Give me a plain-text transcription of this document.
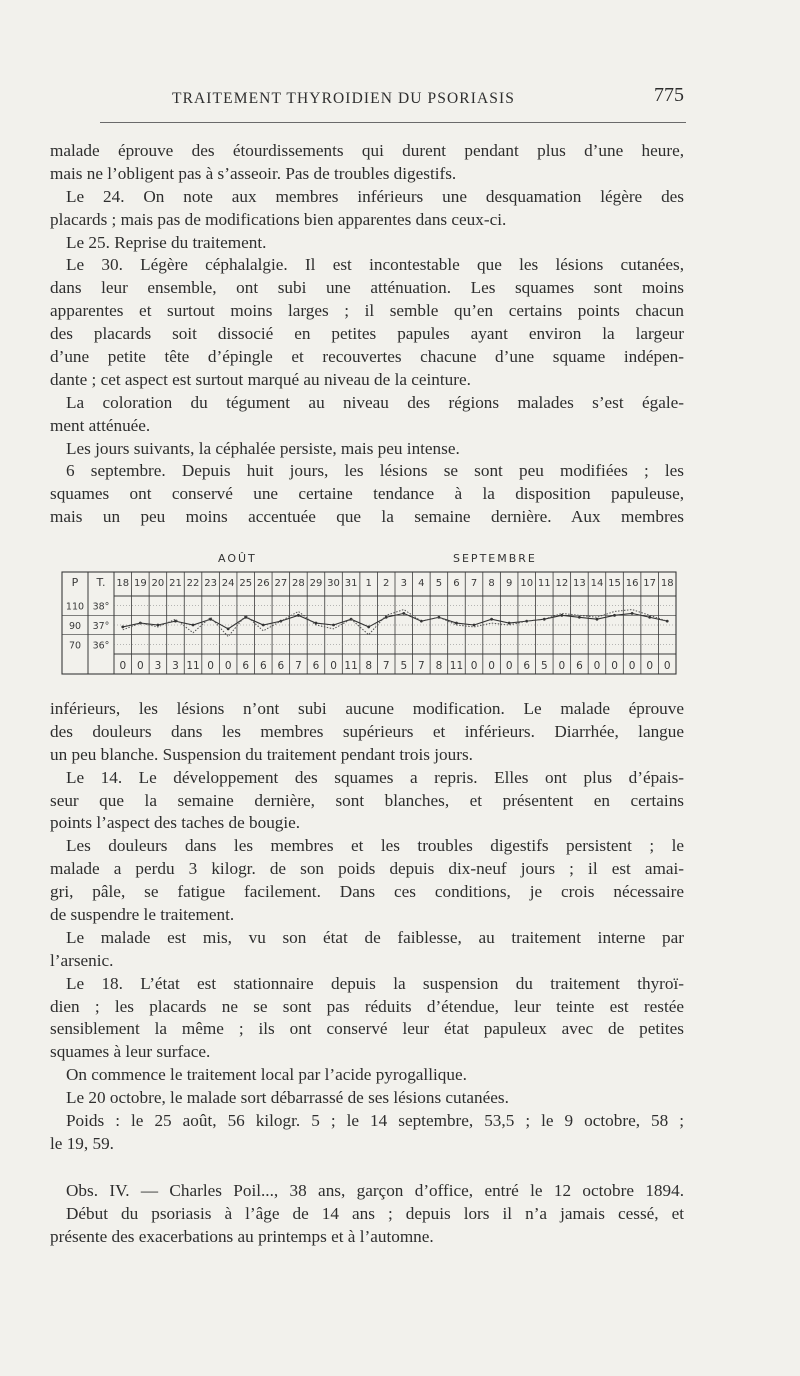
TRAITEMENT THYROIDIEN DU PSORIASIS	775
malade éprouve des étourdissements qui durent pendant plus d’une heure,
mais ne l’obligent pas à s’asseoir. Pas de troubles digestifs.
Le 24. On note aux membres inférieurs une desquamation légère des
placards ; mais pas de modifications bien apparentes dans ceux-ci.
Le 25. Reprise du traitement.
Le 30. Légère céphalalgie. Il est incontestable que les lésions cutanées,
dans leur ensemble, ont subi une atténuation. Les squames sont moins
apparentes et surtout moins larges ; il semble qu’en certains points chacun
des placards soit dissocié en petites papules ayant environ la largeur
d’une petite tête d’épingle et recouvertes chacune d’une squame indépen-
dante ; cet aspect est surtout marqué au niveau de la ceinture.
La coloration du tégument au niveau des régions malades s’est égale-
ment atténuée.
Les jours suivants, la céphalée persiste, mais peu intense.
6 septembre. Depuis huit jours, les lésions se sont peu modifiées ; les
squames ont conservé une certaine tendance à la disposition papuleuse,
mais un peu moins accentuée que la semaine dernière. Aux membres
AOÛT	SEPTEMBRE
P T. 18
0
19
0
20
3
21
3
22
11
23
0
24
0
25
6
26
6
27
6
28
7
29
6
30
0
31
11
1
8
2
7
3
5
4
7
5
8
6
11
7
0
8
0
9
0
10
6
11
5
12
0
13
6
14
0
15
0
16
0
17
0
18
0
110 38°
90 37°
70 36°
inférieurs, les lésions n’ont subi aucune modification. Le malade éprouve
des douleurs dans les membres supérieurs et inférieurs. Diarrhée, langue
un peu blanche. Suspension du traitement pendant trois jours.
Le 14. Le développement des squames a repris. Elles ont plus d’épais-
seur que la semaine dernière, sont blanches, et présentent en certains
points l’aspect des taches de bougie.
Les douleurs dans les membres et les troubles digestifs persistent ; le
malade a perdu 3 kilogr. de son poids depuis dix-neuf jours ; il est amai-
gri, pâle, se fatigue facilement. Dans ces conditions, je crois nécessaire
de suspendre le traitement.
Le malade est mis, vu son état de faiblesse, au traitement interne par
l’arsenic.
Le 18. L’état est stationnaire depuis la suspension du traitement thyroï-
dien ; les placards ne se sont pas réduits d’étendue, leur teinte est restée
sensiblement la même ; ils ont conservé leur état papuleux avec de petites
squames à leur surface.
On commence le traitement local par l’acide pyrogallique.
Le 20 octobre, le malade sort débarrassé de ses lésions cutanées.
Poids : le 25 août, 56 kilogr. 5 ; le 14 septembre, 53,5 ; le 9 octobre, 58 ;
le 19, 59.
Obs. IV. — Charles Poil..., 38 ans, garçon d’office, entré le 12 octobre 1894.
Début du psoriasis à l’âge de 14 ans ; depuis lors il n’a jamais cessé, et
présente des exacerbations au printemps et à l’automne.
